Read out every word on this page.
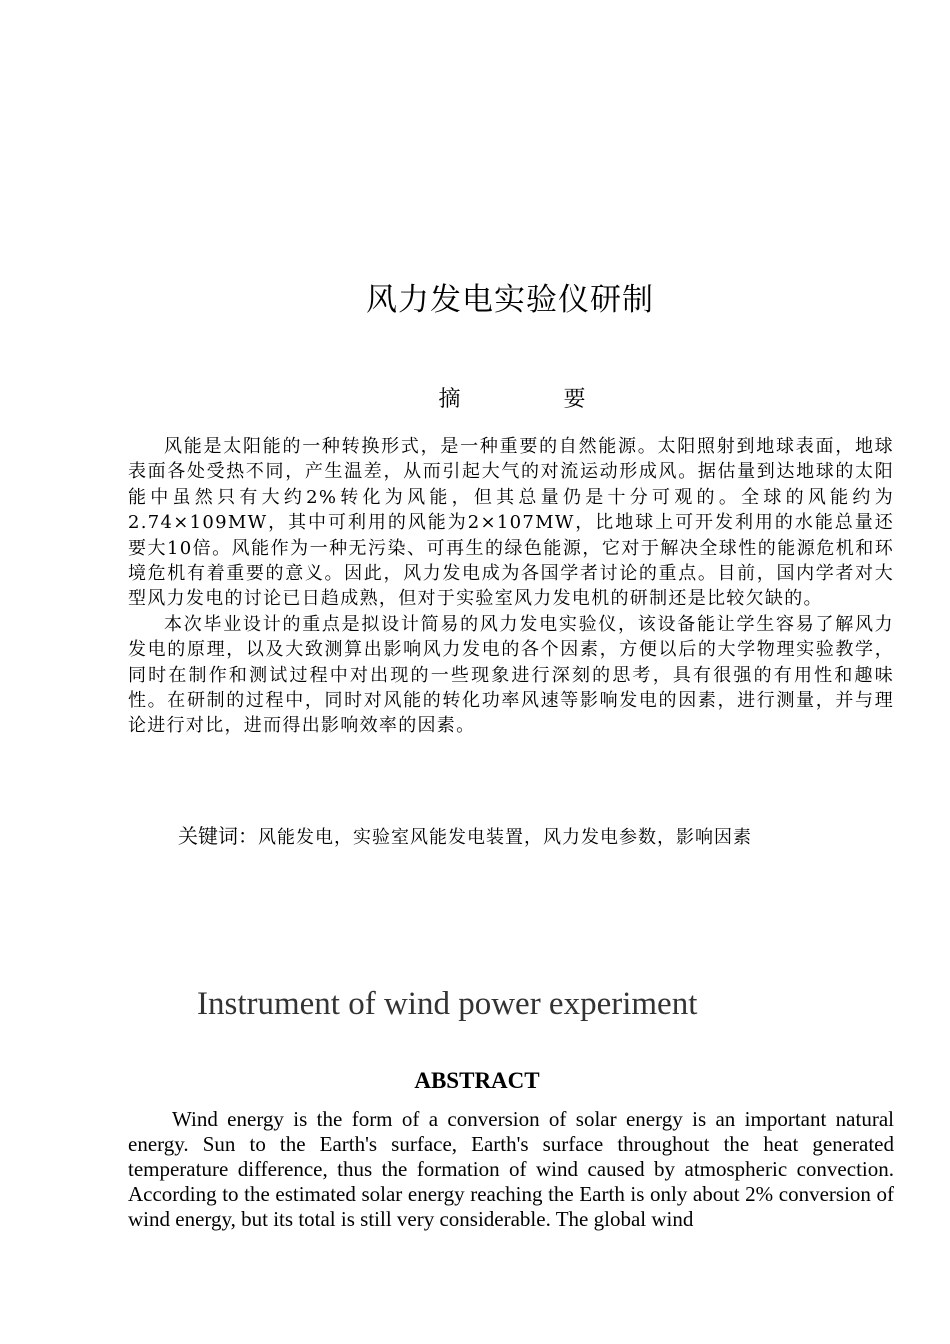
风力发电实验仪研制
摘 要

风能是太阳能的一种转换形式，是一种重要的自然能源。太阳照射到地球表面，地球表面各处受热不同，产生温差，从而引起大气的对流运动形成风。据估量到达地球的太阳能中虽然只有大约2%转化为风能，但其总量仍是十分可观的。全球的风能约为2.74×109MW，其中可利用的风能为2×107MW，比地球上可开发利用的水能总量还要大10倍。风能作为一种无污染、可再生的绿色能源，它对于解决全球性的能源危机和环境危机有着重要的意义。因此，风力发电成为各国学者讨论的重点。目前，国内学者对大型风力发电的讨论已日趋成熟，但对于实验室风力发电机的研制还是比较欠缺的。

本次毕业设计的重点是拟设计简易的风力发电实验仪，该设备能让学生容易了解风力发电的原理，以及大致测算出影响风力发电的各个因素，方便以后的大学物理实验教学，同时在制作和测试过程中对出现的一些现象进行深刻的思考，具有很强的有用性和趣味性。在研制的过程中，同时对风能的转化功率风速等影响发电的因素，进行测量，并与理论进行对比，进而得出影响效率的因素。

关键词：风能发电，实验室风能发电装置，风力发电参数，影响因素
Instrument of wind power experiment
ABSTRACT

Wind energy is the form of a conversion of solar energy is an important natural energy. Sun to the Earth's surface, Earth's surface throughout the heat generated temperature difference, thus the formation of wind caused by atmospheric convection. According to the estimated solar energy reaching the Earth is only about 2% conversion of wind energy, but its total is still very considerable. The global wind
